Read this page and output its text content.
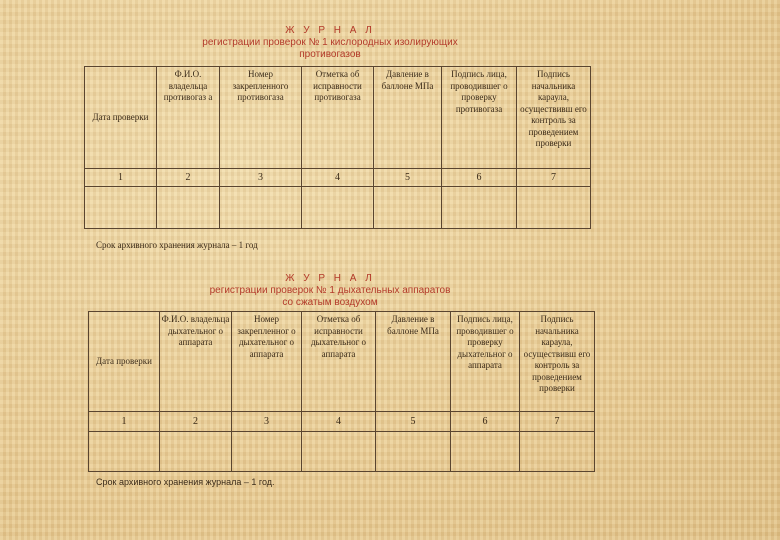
Ж У Р Н А Л
регистрации проверок № 1 кислородных изолирующих
противогазов
Дата проверки	Ф.И.О. владельца противогаз а	Номер закрепленного противогаза	Отметка об исправности противогаза	Давление в баллоне МПа	Подпись лица, проводившег о проверку противогаза	Подпись начальника караула, осуществивш его контроль за проведением проверки
1	2	3	4	5	6	7

Срок архивного хранения журнала – 1 год
Ж У Р Н А Л
регистрации проверок № 1 дыхательных аппаратов
со сжатым воздухом
Дата проверки	Ф.И.О. владельца дыхательног о аппарата	Номер закрепленног о дыхательног о аппарата	Отметка об исправности дыхательног о аппарата	Давление в баллоне МПа	Подпись лица, проводившег о проверку дыхательног о аппарата	Подпись начальника караула, осуществивш его контроль за проведением проверки
1	2	3	4	5	6	7

Срок архивного хранения журнала – 1 год.
